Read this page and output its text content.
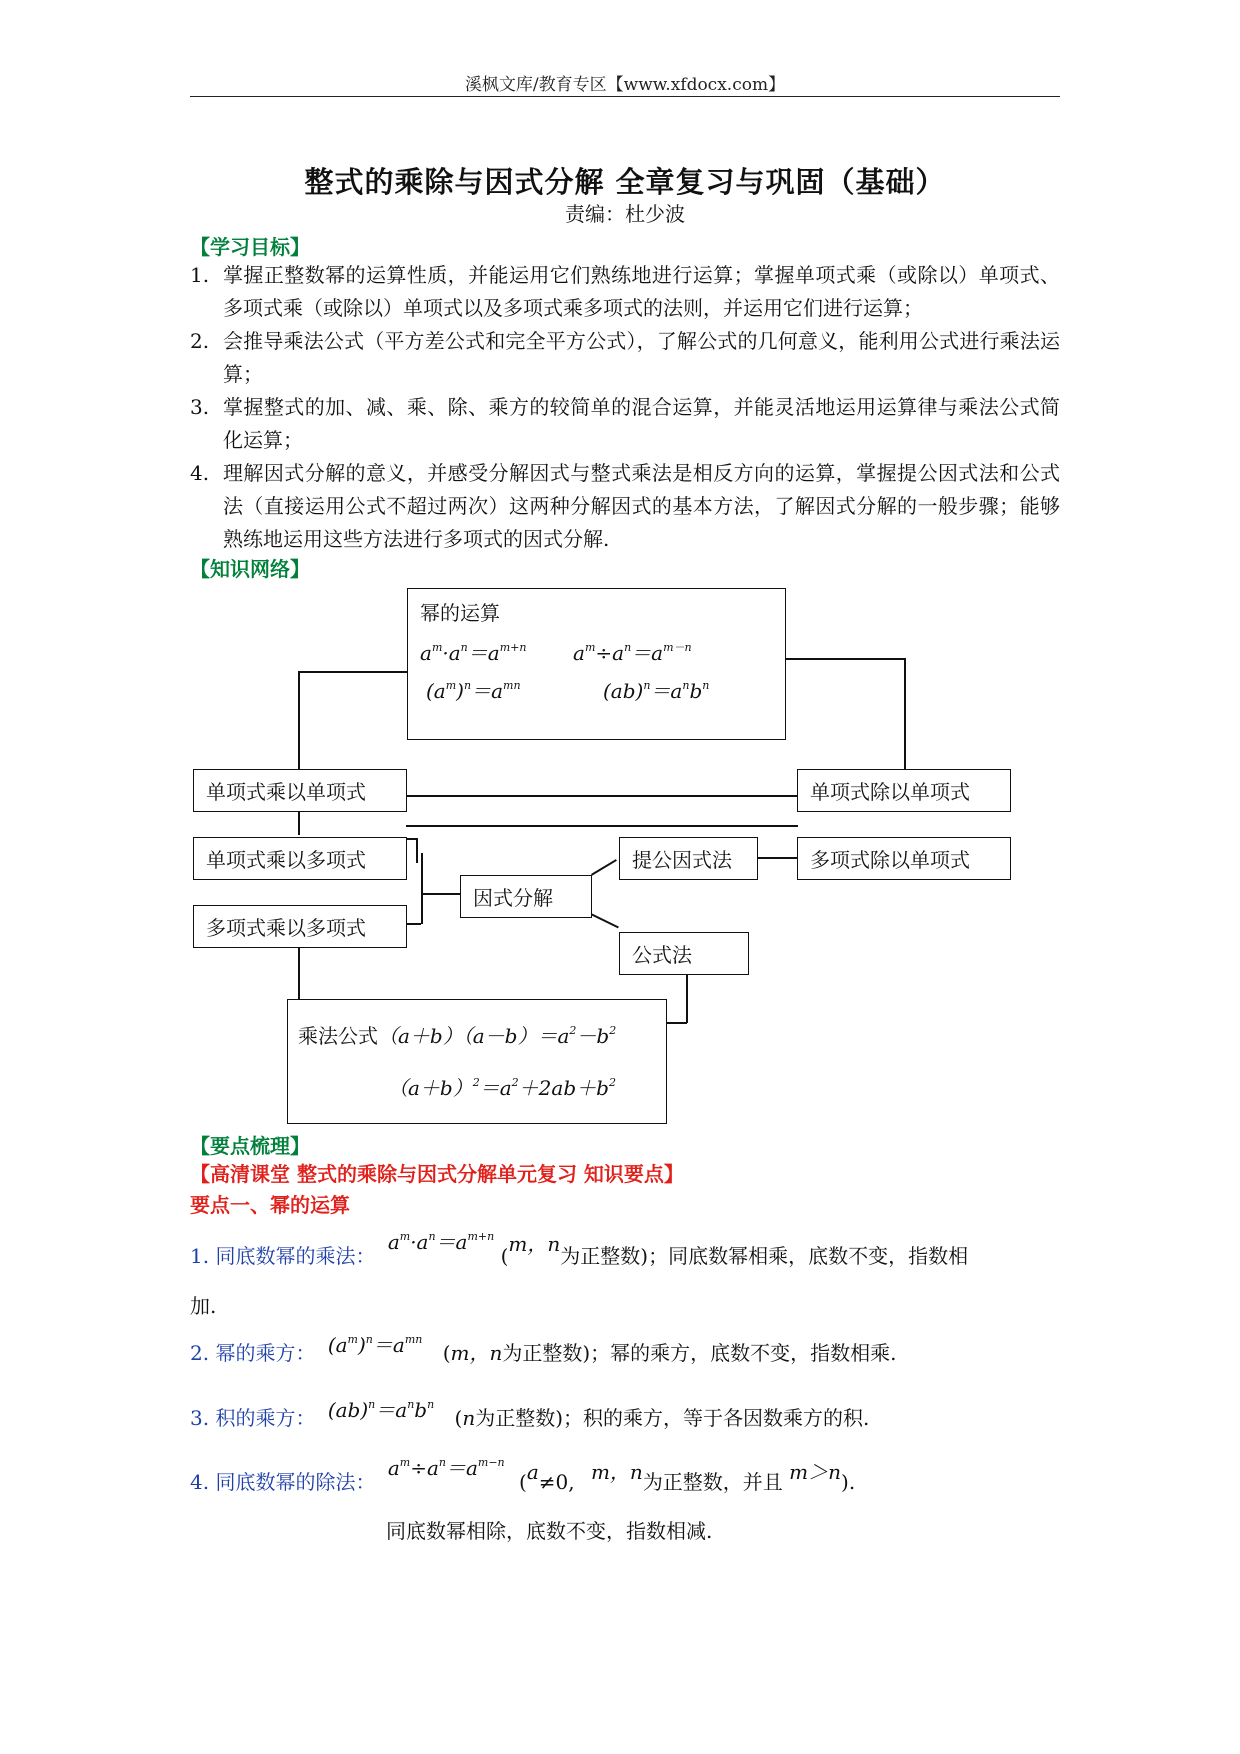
溪枫文库/教育专区【www.xfdocx.com】
整式的乘除与因式分解 全章复习与巩固（基础）
责编：杜少波
【学习目标】
1. 掌握正整数幂的运算性质，并能运用它们熟练地进行运算；掌握单项式乘（或除以）单项式、多项式乘（或除以）单项式以及多项式乘多项式的法则，并运用它们进行运算；
2. 会推导乘法公式（平方差公式和完全平方公式），了解公式的几何意义，能利用公式进行乘法运算；
3. 掌握整式的加、减、乘、除、乘方的较简单的混合运算，并能灵活地运用运算律与乘法公式简化运算；
4. 理解因式分解的意义，并感受分解因式与整式乘法是相反方向的运算，掌握提公因式法和公式法（直接运用公式不超过两次）这两种分解因式的基本方法，了解因式分解的一般步骤；能够熟练地运用这些方法进行多项式的因式分解.
【知识网络】
幂的运算
$a^m\cdot a^n=a^{m+n}$ $a^m\div a^n=a^{m-n}$
$(a^m)^n=a^{mn}$	$(ab)^n=a^nb^n$
单项式乘以单项式	单项式除以单项式
单项式乘以多项式	提公因式法	多项式除以单项式
因式分解
多项式乘以多项式
公式法
乘法公式$(a+b)(a-b)=a^2-b^2$
$(a+b)^2=a^2+2ab+b^2$
【要点梳理】
【高清课堂 整式的乘除与因式分解单元复习 知识要点】
要点一、幂的运算
1. 同底数幂的乘法： $a^m\cdot a^n=a^{m+n}$ (m，n为正整数)；同底数幂相乘，底数不变，指数相
加.
2. 幂的乘方： $(a^m)^n=a^{mn}$ (m，n为正整数)；幂的乘方，底数不变，指数相乘.
3. 积的乘方： $(ab)^n=a^nb^n$ (n为正整数)；积的乘方，等于各因数乘方的积.
4. 同底数幂的除法： $a^m\div a^n=a^{m-n}$ (a≠0, m，n为正整数，并且 m＞n).
同底数幂相除，底数不变，指数相减.
